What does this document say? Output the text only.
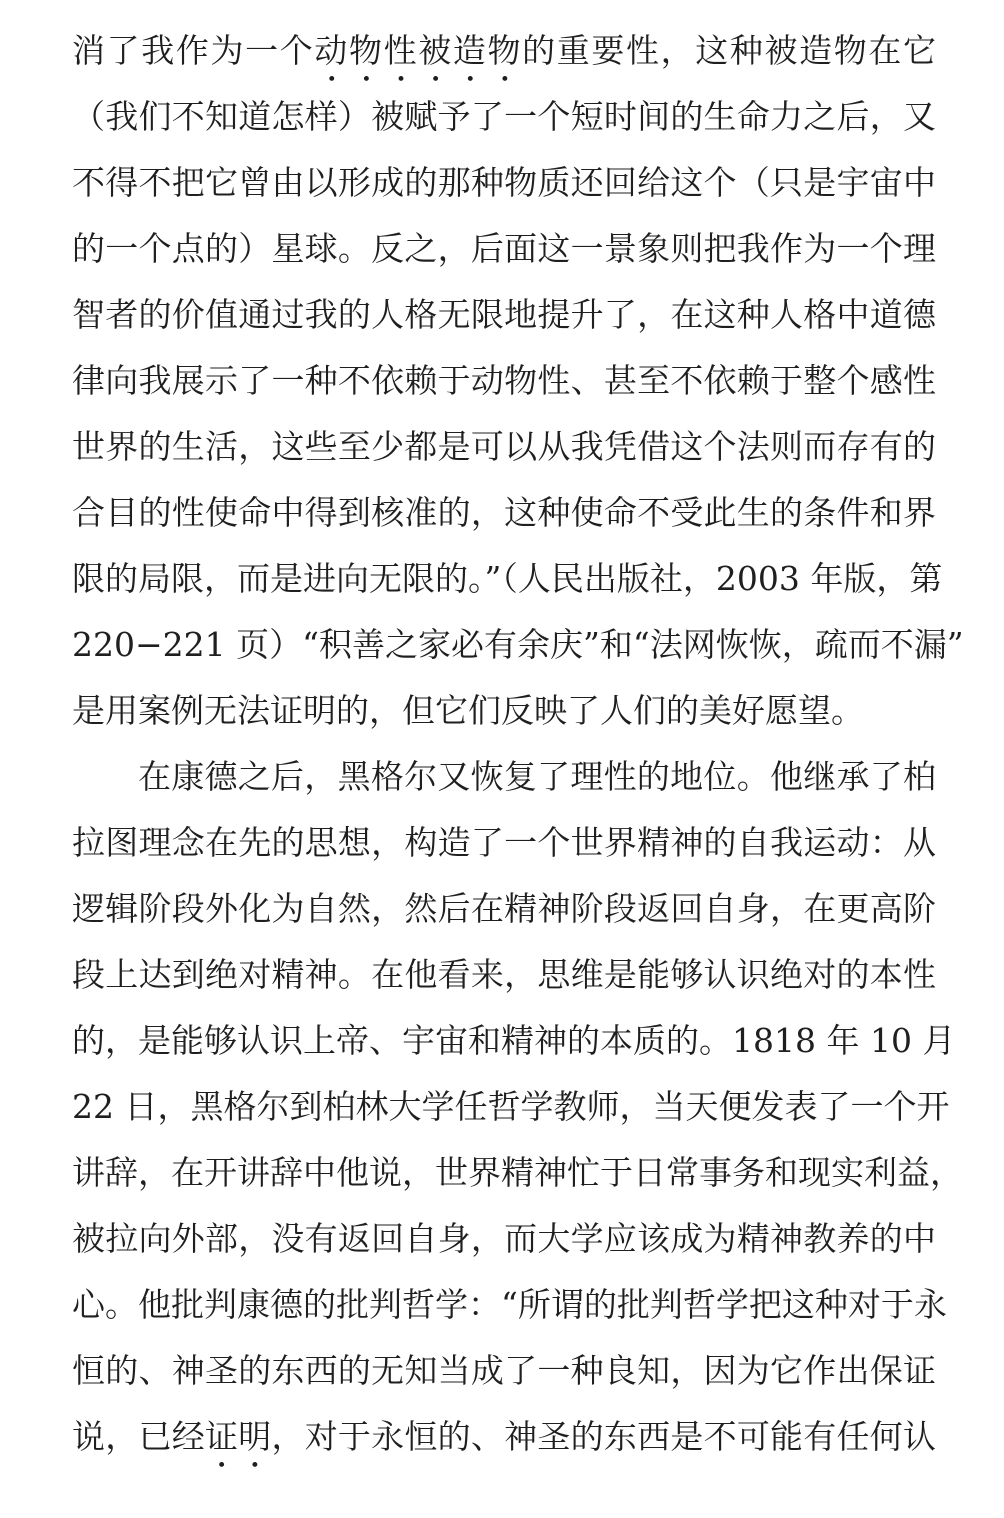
消了我作为一个动物性被造物的重要性，这种被造物在它
（我们不知道怎样）被赋予了一个短时间的生命力之后，又
不得不把它曾由以形成的那种物质还回给这个（只是宇宙中
的一个点的）星球。反之，后面这一景象则把我作为一个理
智者的价值通过我的人格无限地提升了，在这种人格中道德
律向我展示了一种不依赖于动物性、甚至不依赖于整个感性
世界的生活，这些至少都是可以从我凭借这个法则而存有的
合目的性使命中得到核准的，这种使命不受此生的条件和界
限的局限，而是进向无限的。”（人民出版社，2003 年版，第
220−221 页）“积善之家必有余庆”和“法网恢恢，疏而不漏”
是用案例无法证明的，但它们反映了人们的美好愿望。
在康德之后，黑格尔又恢复了理性的地位。他继承了柏
拉图理念在先的思想，构造了一个世界精神的自我运动：从
逻辑阶段外化为自然，然后在精神阶段返回自身，在更高阶
段上达到绝对精神。在他看来，思维是能够认识绝对的本性
的，是能够认识上帝、宇宙和精神的本质的。1818 年 10 月
22 日，黑格尔到柏林大学任哲学教师，当天便发表了一个开
讲辞，在开讲辞中他说，世界精神忙于日常事务和现实利益，
被拉向外部，没有返回自身，而大学应该成为精神教养的中
心。他批判康德的批判哲学：“所谓的批判哲学把这种对于永
恒的、神圣的东西的无知当成了一种良知，因为它作出保证
说，已经证明，对于永恒的、神圣的东西是不可能有任何认
